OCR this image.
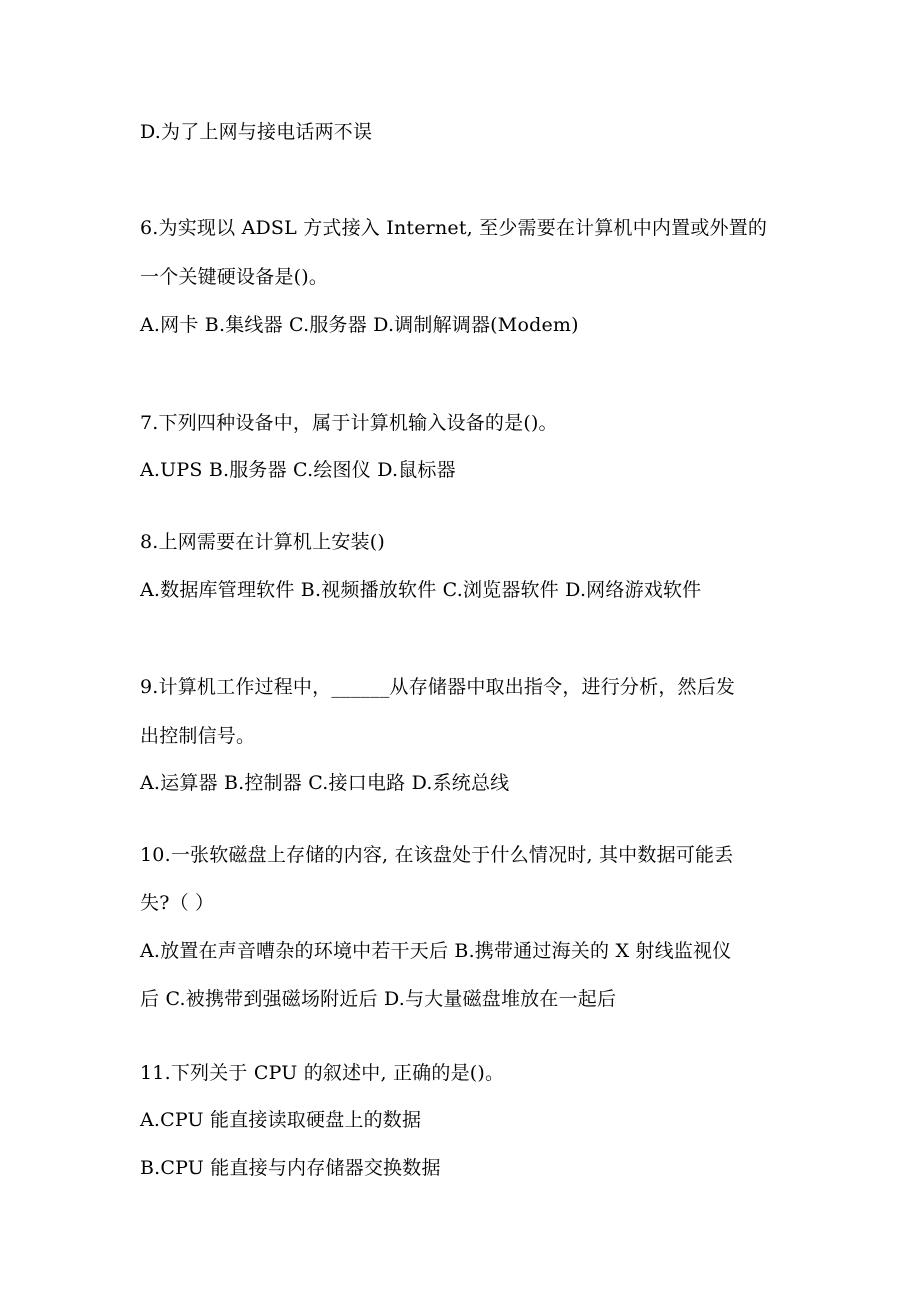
D.为了上网与接电话两不误
6.为实现以 ADSL 方式接入 Internet, 至少需要在计算机中内置或外置的
一个关键硬设备是()。
A.网卡 B.集线器 C.服务器 D.调制解调器(Modem)
7.下列四种设备中，属于计算机输入设备的是()。
A.UPS B.服务器 C.绘图仪 D.鼠标器
8.上网需要在计算机上安装()
A.数据库管理软件 B.视频播放软件 C.浏览器软件 D.网络游戏软件
9.计算机工作过程中，______从存储器中取出指令，进行分析，然后发
出控制信号。
A.运算器 B.控制器 C.接口电路 D.系统总线
10.一张软磁盘上存储的内容, 在该盘处于什么情况时, 其中数据可能丢
失?（ ）
A.放置在声音嘈杂的环境中若干天后 B.携带通过海关的 X 射线监视仪
后 C.被携带到强磁场附近后 D.与大量磁盘堆放在一起后
11.下列关于 CPU 的叙述中, 正确的是()。
A.CPU 能直接读取硬盘上的数据
B.CPU 能直接与内存储器交换数据
